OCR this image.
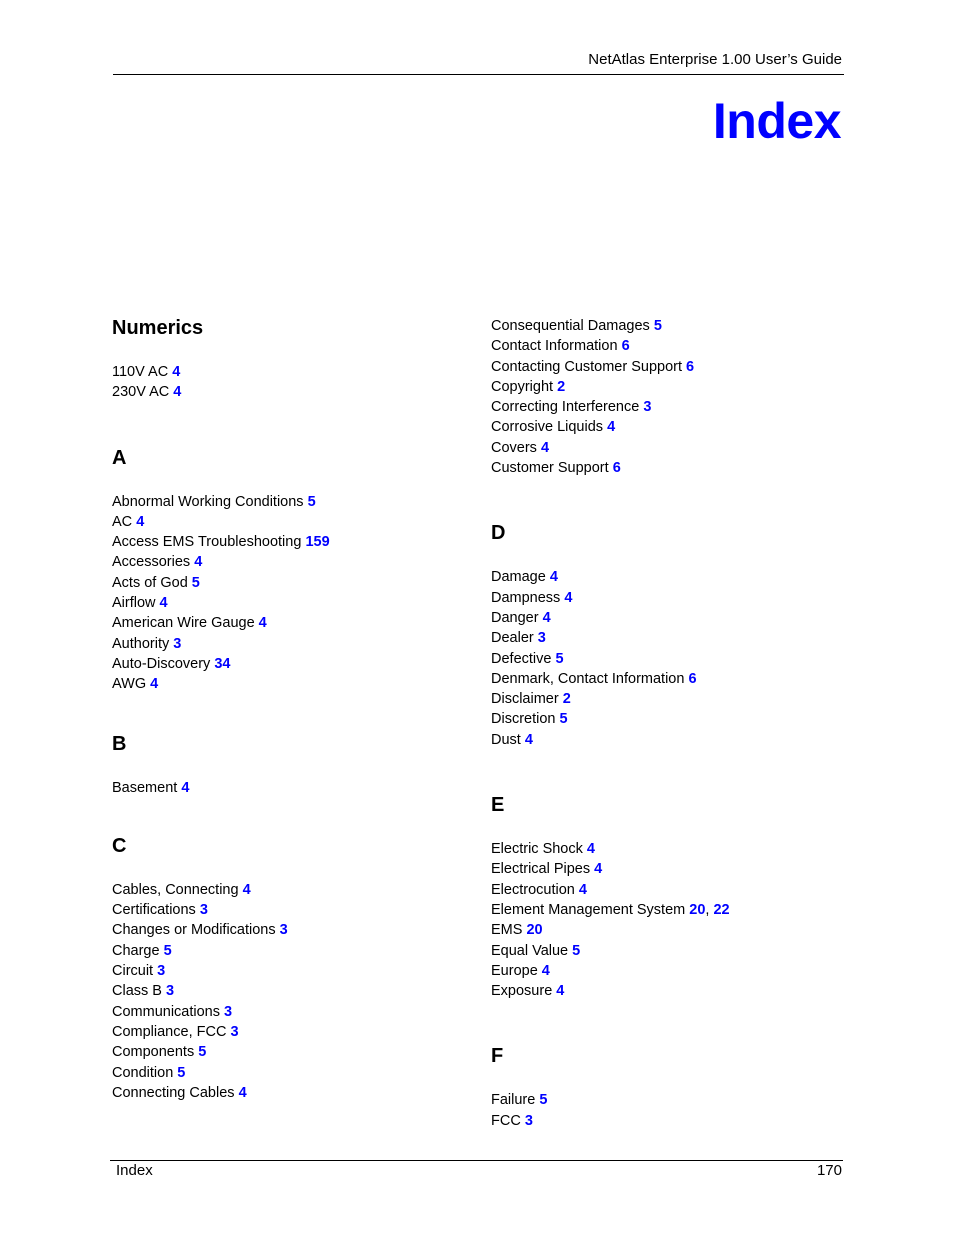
NetAtlas Enterprise 1.00 User’s Guide
Index
Numerics
110V AC 4
230V AC 4
A
Abnormal Working Conditions 5
AC 4
Access EMS Troubleshooting 159
Accessories 4
Acts of God 5
Airflow 4
American Wire Gauge 4
Authority 3
Auto-Discovery 34
AWG 4
B
Basement 4
C
Cables, Connecting 4
Certifications 3
Changes or Modifications 3
Charge 5
Circuit 3
Class B 3
Communications 3
Compliance, FCC 3
Components 5
Condition 5
Connecting Cables 4
Consequential Damages 5
Contact Information 6
Contacting Customer Support 6
Copyright 2
Correcting Interference 3
Corrosive Liquids 4
Covers 4
Customer Support 6
D
Damage 4
Dampness 4
Danger 4
Dealer 3
Defective 5
Denmark, Contact Information 6
Disclaimer 2
Discretion 5
Dust 4
E
Electric Shock 4
Electrical Pipes 4
Electrocution 4
Element Management System 20, 22
EMS 20
Equal Value 5
Europe 4
Exposure 4
F
Failure 5
FCC 3
Index	170
